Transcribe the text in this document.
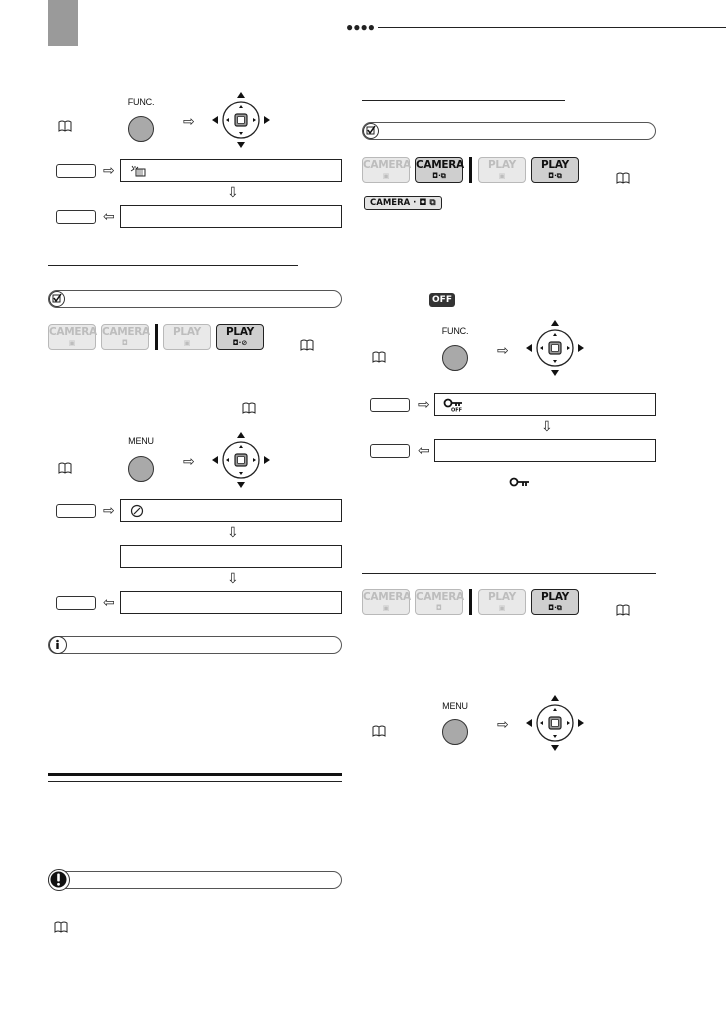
●●●●
FUNC.
⇨
⇨
⇩
⇦
CAMERA
▣
CAMERA
◘
PLAY
▣
PLAY
◘·⊘
MENU
⇨
⇨
⇩
⇩
⇦
CAMERA
▣
CAMERA
◘·⧉
PLAY
▣
PLAY
◘·⧉
CAMERA · ◘ ⧉
OFF
FUNC.
⇨
⇨	OFF
⇩
⇦
CAMERA
▣
CAMERA
◘
PLAY
▣
PLAY
◘·⧉
MENU
⇨
